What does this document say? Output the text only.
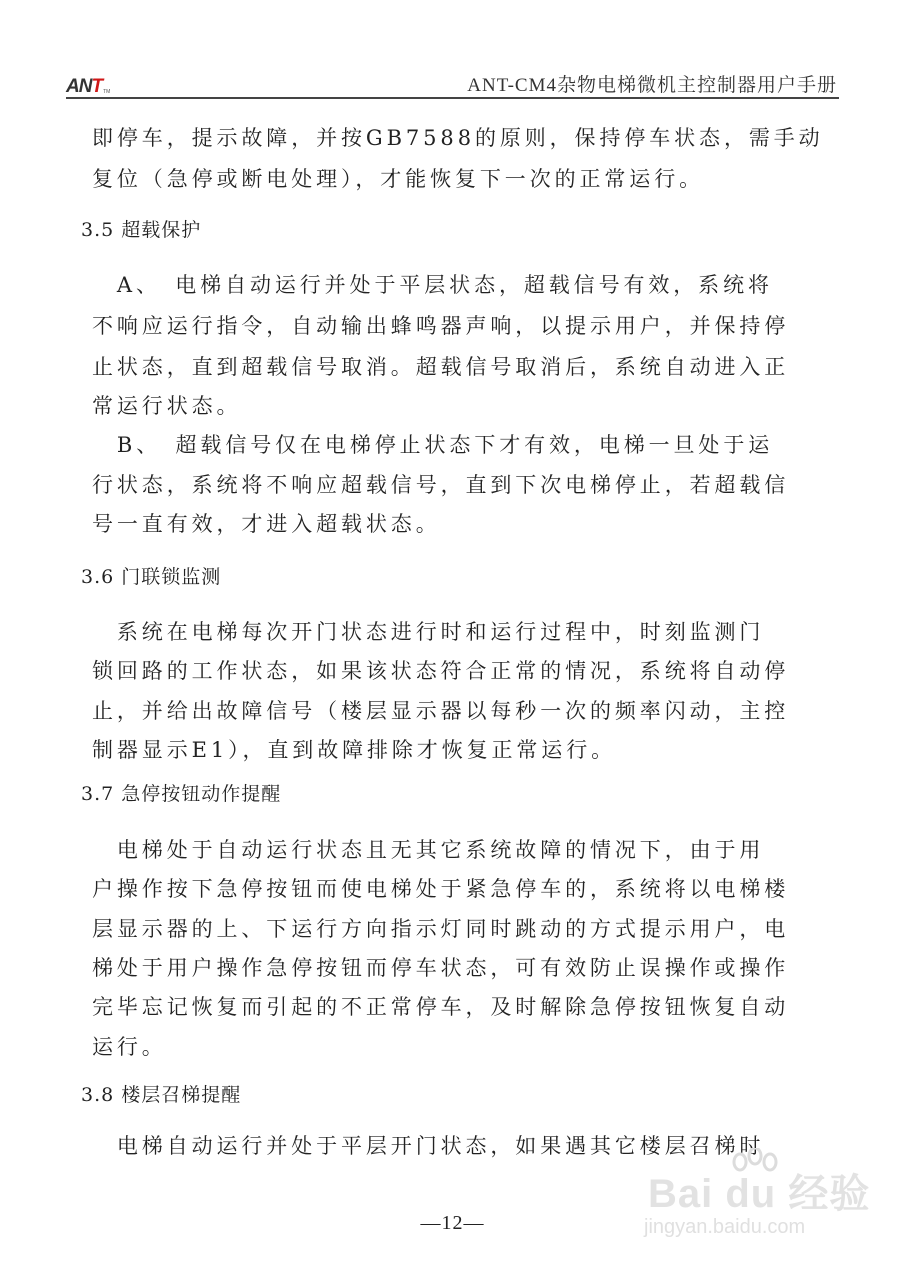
ANT TM	ANT-CM4杂物电梯微机主控制器用户手册
即停车，提示故障，并按GB7588的原则，保持停车状态，需手动
复位（急停或断电处理），才能恢复下一次的正常运行。
3.5 超载保护
　A、　电梯自动运行并处于平层状态，超载信号有效，系统将
不响应运行指令，自动输出蜂鸣器声响，以提示用户，并保持停
止状态，直到超载信号取消。超载信号取消后，系统自动进入正
常运行状态。
　B、　超载信号仅在电梯停止状态下才有效，电梯一旦处于运
行状态，系统将不响应超载信号，直到下次电梯停止，若超载信
号一直有效，才进入超载状态。
3.6 门联锁监测
　系统在电梯每次开门状态进行时和运行过程中，时刻监测门
锁回路的工作状态，如果该状态符合正常的情况，系统将自动停
止，并给出故障信号（楼层显示器以每秒一次的频率闪动，主控
制器显示E1），直到故障排除才恢复正常运行。
3.7 急停按钮动作提醒
　电梯处于自动运行状态且无其它系统故障的情况下，由于用
户操作按下急停按钮而使电梯处于紧急停车的，系统将以电梯楼
层显示器的上、下运行方向指示灯同时跳动的方式提示用户，电
梯处于用户操作急停按钮而停车状态，可有效防止误操作或操作
完毕忘记恢复而引起的不正常停车，及时解除急停按钮恢复自动
运行。
3.8 楼层召梯提醒
　电梯自动运行并处于平层开门状态，如果遇其它楼层召梯时
—12—
Bai du 经验
jingyan.baidu.com
